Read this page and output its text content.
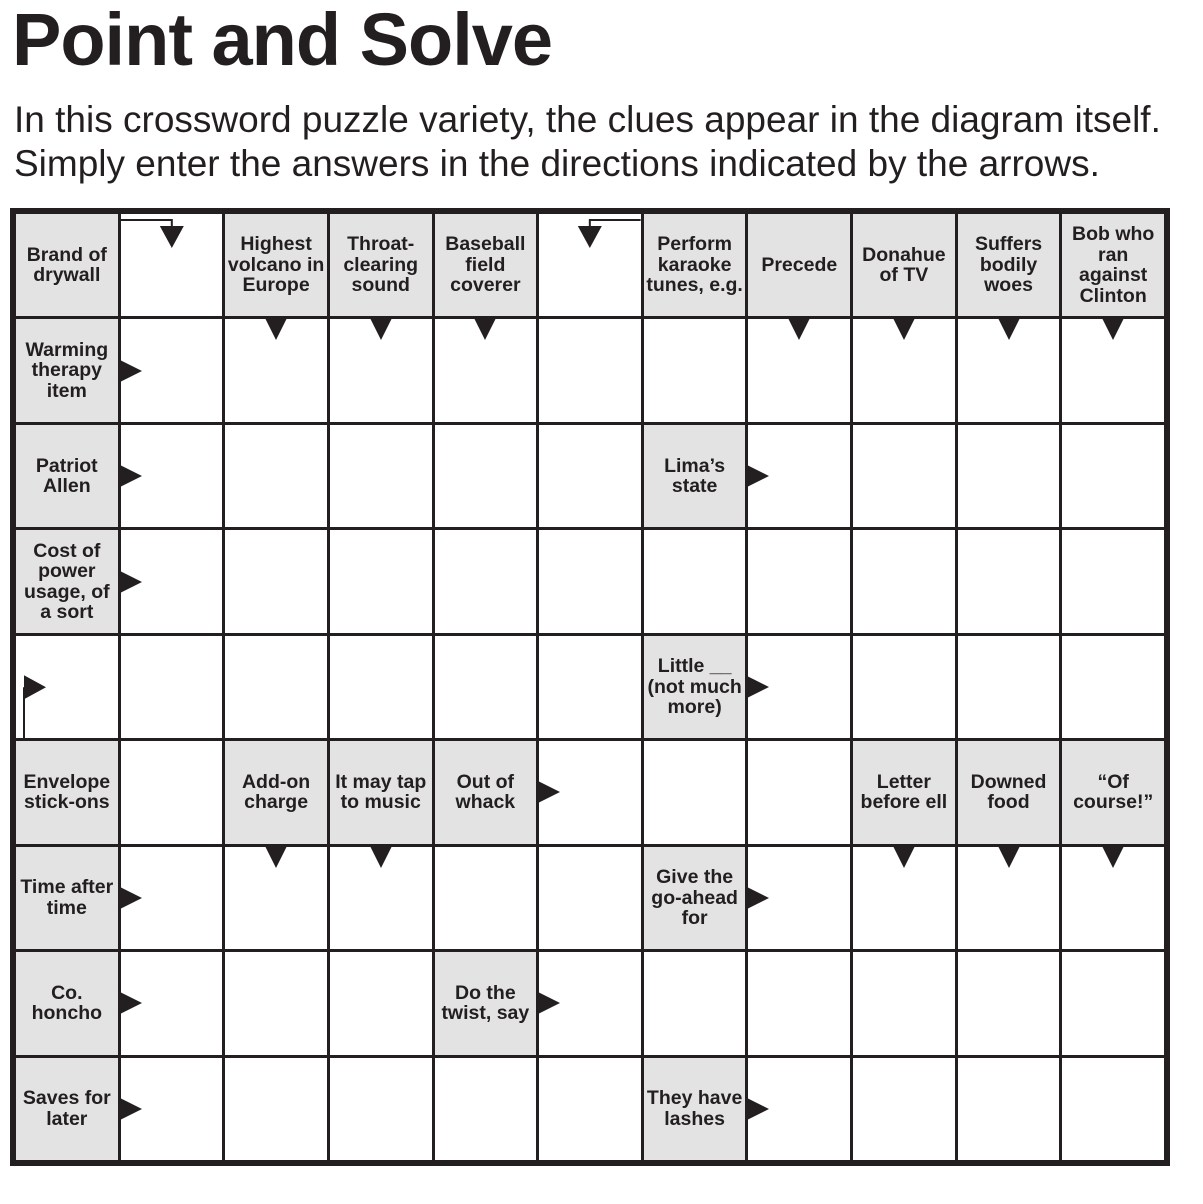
Point and Solve
In this crossword puzzle variety, the clues appear in the diagram itself.
Simply enter the answers in the directions indicated by the arrows.
Brand of drywall
Highest volcano in Europe
Throat-clearing sound
Baseball field coverer
Perform karaoke tunes, e.g.
Precede	Donahue of TV
Suffers bodily woes
Bob who ran against Clinton
Warming therapy item
Patriot Allen
Lima’s state
Cost of power usage, of a sort
Little __ (not much more)
Envelope stick-ons
Add-on charge
It may tap to music
Out of whack
Letter before ell
Downed food
“Of course!”
Time after time
Give the go-ahead for
Co. honcho
Do the twist, say
Saves for later
They have lashes
